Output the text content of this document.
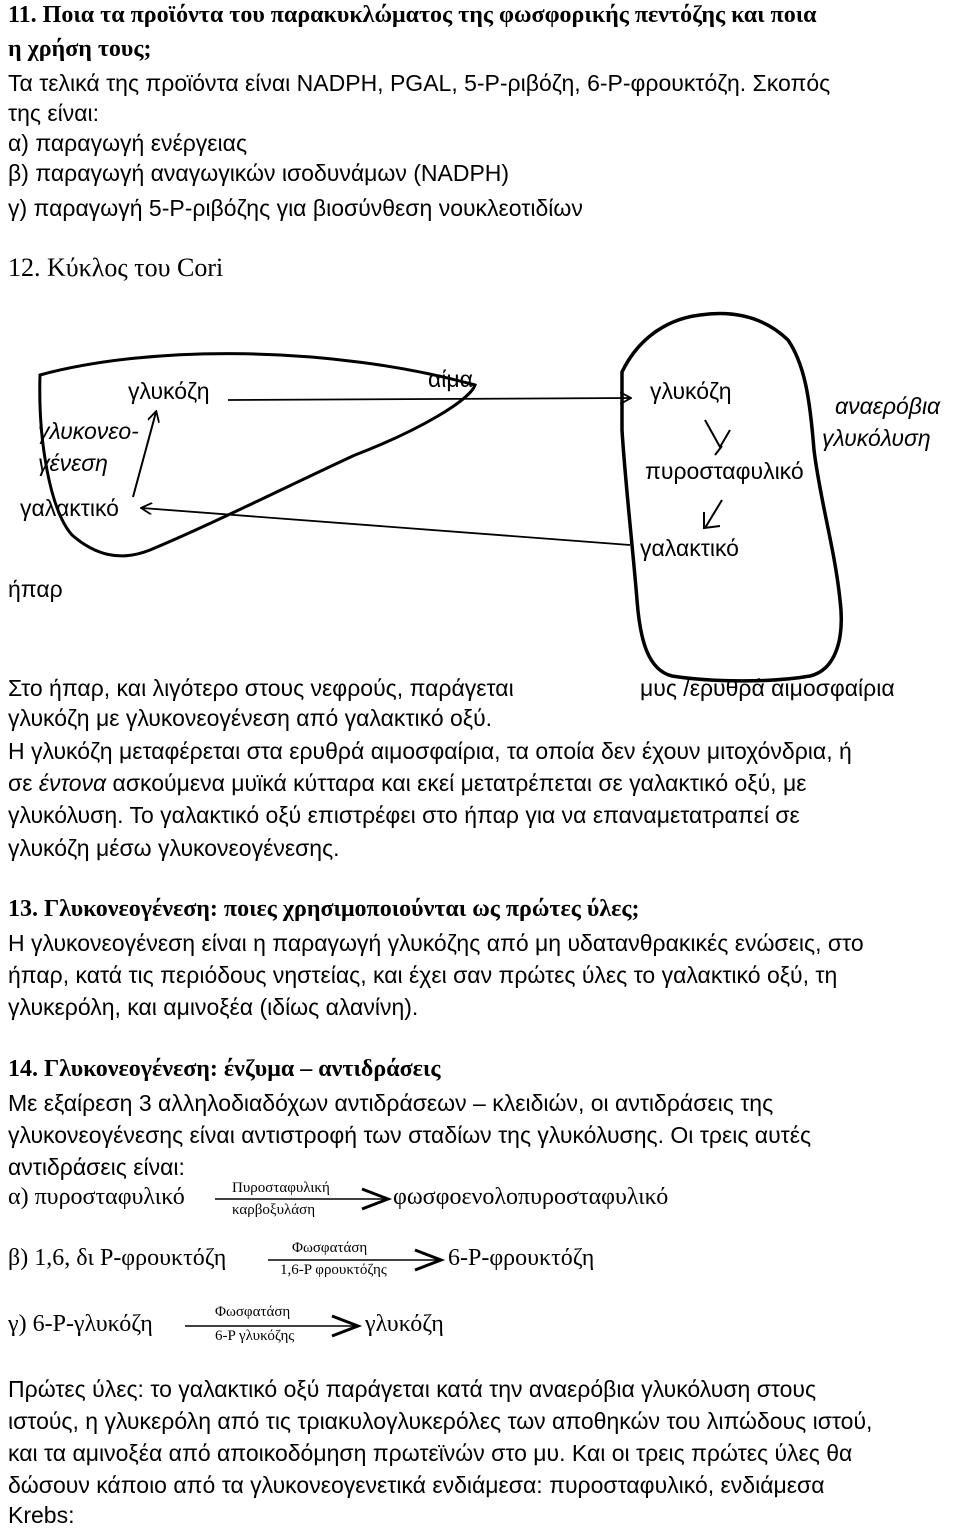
11. Ποια τα προϊόντα του παρακυκλώματος της φωσφορικής πεντόζης και ποια
η χρήση τους;
Τα τελικά της προϊόντα είναι NADPH, PGAL, 5-P-ριβόζη, 6-P-φρουκτόζη. Σκοπός
της είναι:
α) παραγωγή ενέργειας
β) παραγωγή αναγωγικών ισοδυνάμων (NADPH)
γ) παραγωγή 5-P-ριβόζης για βιοσύνθεση νουκλεοτιδίων
12. Κύκλος του Cori
γλυκόζη
γλυκονεο-
γένεση
γαλακτικό
ήπαρ
αίμα	γλυκόζη
πυροσταφυλικό
γαλακτικό
αναερόβια
γλυκόλυση
Στο ήπαρ, και λιγότερο στους νεφρούς, παράγεται	μυς /ερυθρά αιμοσφαίρια
γλυκόζη με γλυκονεογένεση από γαλακτικό οξύ.
Η γλυκόζη μεταφέρεται στα ερυθρά αιμοσφαίρια, τα οποία δεν έχουν μιτοχόνδρια, ή
σε έντονα ασκούμενα μυϊκά κύτταρα και εκεί μετατρέπεται σε γαλακτικό οξύ, με
γλυκόλυση. Το γαλακτικό οξύ επιστρέφει στο ήπαρ για να επαναμετατραπεί σε
γλυκόζη μέσω γλυκονεογένεσης.
13. Γλυκονεογένεση: ποιες χρησιμοποιούνται ως πρώτες ύλες;
Η γλυκονεογένεση είναι η παραγωγή γλυκόζης από μη υδατανθρακικές ενώσεις, στο
ήπαρ, κατά τις περιόδους νηστείας, και έχει σαν πρώτες ύλες το γαλακτικό οξύ, τη
γλυκερόλη, και αμινοξέα (ιδίως αλανίνη).
14. Γλυκονεογένεση: ένζυμα – αντιδράσεις
Με εξαίρεση 3 αλληλοδιαδόχων αντιδράσεων – κλειδιών, οι αντιδράσεις της
γλυκονεογένεσης είναι αντιστροφή των σταδίων της γλυκόλυσης. Οι τρεις αυτές
αντιδράσεις είναι:
α) πυροσταφυλικό	Πυροσταφυλική
καρβοξυλάση	φωσφοενολοπυροσταφυλικό
β) 1,6, δι P-φρουκτόζη	Φωσφατάση
1,6-P φρουκτόζης	6-P-φρουκτόζη
γ) 6-P-γλυκόζη	Φωσφατάση
6-P γλυκόζης	γλυκόζη
Πρώτες ύλες: το γαλακτικό οξύ παράγεται κατά την αναερόβια γλυκόλυση στους
ιστούς, η γλυκερόλη από τις τριακυλογλυκερόλες των αποθηκών του λιπώδους ιστού,
και τα αμινοξέα από αποικοδόμηση πρωτεϊνών στο μυ. Και οι τρεις πρώτες ύλες θα
δώσουν κάποιο από τα γλυκονεογενετικά ενδιάμεσα: πυροσταφυλικό, ενδιάμεσα
Krebs:
